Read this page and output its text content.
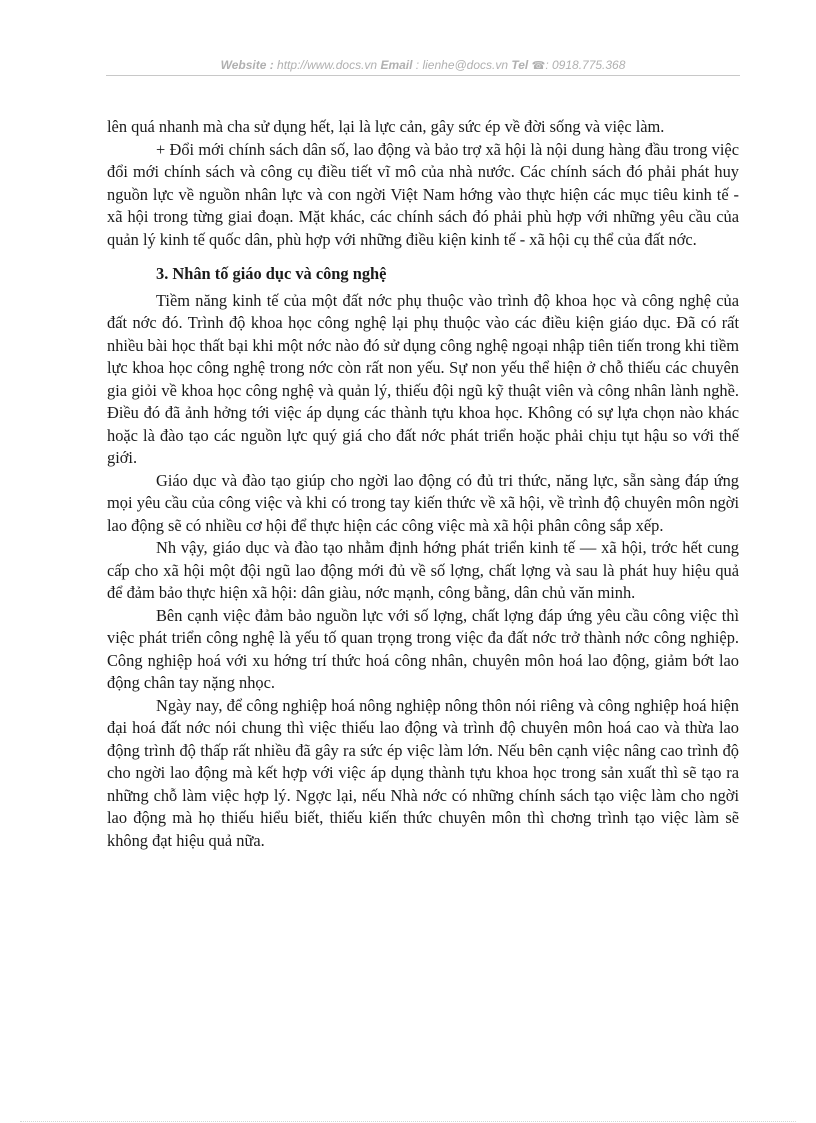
Website : http://www.docs.vn Email : lienhe@docs.vn Tel ☎: 0918.775.368

lên quá nhanh mà cha sử dụng hết, lại là lực cản, gây sức ép về đời sống và việc làm.

+ Đổi mới chính sách dân số, lao động và bảo trợ xã hội là nội dung hàng đầu trong việc đổi mới chính sách và công cụ điều tiết vĩ mô của nhà nước. Các chính sách đó phải phát huy nguồn lực về nguồn nhân lực và con ngời Việt Nam hớng vào thực hiện các mục tiêu kinh tế - xã hội trong từng giai đoạn. Mặt khác, các chính sách đó phải phù hợp với những yêu cầu của quản lý kinh tế quốc dân, phù hợp với những điều kiện kinh tế - xã hội cụ thể của đất nớc.

3. Nhân tố giáo dục và công nghệ

Tiềm năng kinh tế của một đất nớc phụ thuộc vào trình độ khoa học và công nghệ của đất nớc đó. Trình độ khoa học công nghệ lại phụ thuộc vào các điều kiện giáo dục. Đã có rất nhiều bài học thất bại khi một nớc nào đó sử dụng công nghệ ngoại nhập tiên tiến trong khi tiềm lực khoa học công nghệ trong nớc còn rất non yếu. Sự non yếu thể hiện ở chỗ thiếu các chuyên gia giỏi về khoa học công nghệ và quản lý, thiếu đội ngũ kỹ thuật viên và công nhân lành nghề. Điều đó đã ảnh hởng tới việc áp dụng các thành tựu khoa học. Không có sự lựa chọn nào khác hoặc là đào tạo các nguồn lực quý giá cho đất nớc phát triển hoặc phải chịu tụt hậu so với thế giới.

Giáo dục và đào tạo giúp cho ngời lao động có đủ tri thức, năng lực, sẵn sàng đáp ứng mọi yêu cầu của công việc và khi có trong tay kiến thức về xã hội, về trình độ chuyên môn ngời lao động sẽ có nhiều cơ hội để thực hiện các công việc mà xã hội phân công sắp xếp.

Nh vậy, giáo dục và đào tạo nhằm định hớng phát triển kinh tế — xã hội, trớc hết cung cấp cho xã hội một đội ngũ lao động mới đủ về số lợng, chất lợng và sau là phát huy hiệu quả để đảm bảo thực hiện xã hội: dân giàu, nớc mạnh, công bằng, dân chủ văn minh.

Bên cạnh việc đảm bảo nguồn lực với số lợng, chất lợng đáp ứng yêu cầu công việc thì việc phát triển công nghệ là yếu tố quan trọng trong việc đa đất nớc trở thành nớc công nghiệp. Công nghiệp hoá với xu hớng trí thức hoá công nhân, chuyên môn hoá lao động, giảm bớt lao động chân tay nặng nhọc.

Ngày nay, để công nghiệp hoá nông nghiệp nông thôn nói riêng và công nghiệp hoá hiện đại hoá đất nớc nói chung thì việc thiếu lao động và trình độ chuyên môn hoá cao và thừa lao động trình độ thấp rất nhiều đã gây ra sức ép việc làm lớn. Nếu bên cạnh việc nâng cao trình độ cho ngời lao động mà kết hợp với việc áp dụng thành tựu khoa học trong sản xuất thì sẽ tạo ra những chỗ làm việc hợp lý. Ngợc lại, nếu Nhà nớc có những chính sách tạo việc làm cho ngời lao động mà họ thiếu hiểu biết, thiếu kiến thức chuyên môn thì chơng trình tạo việc làm sẽ không đạt hiệu quả nữa.
